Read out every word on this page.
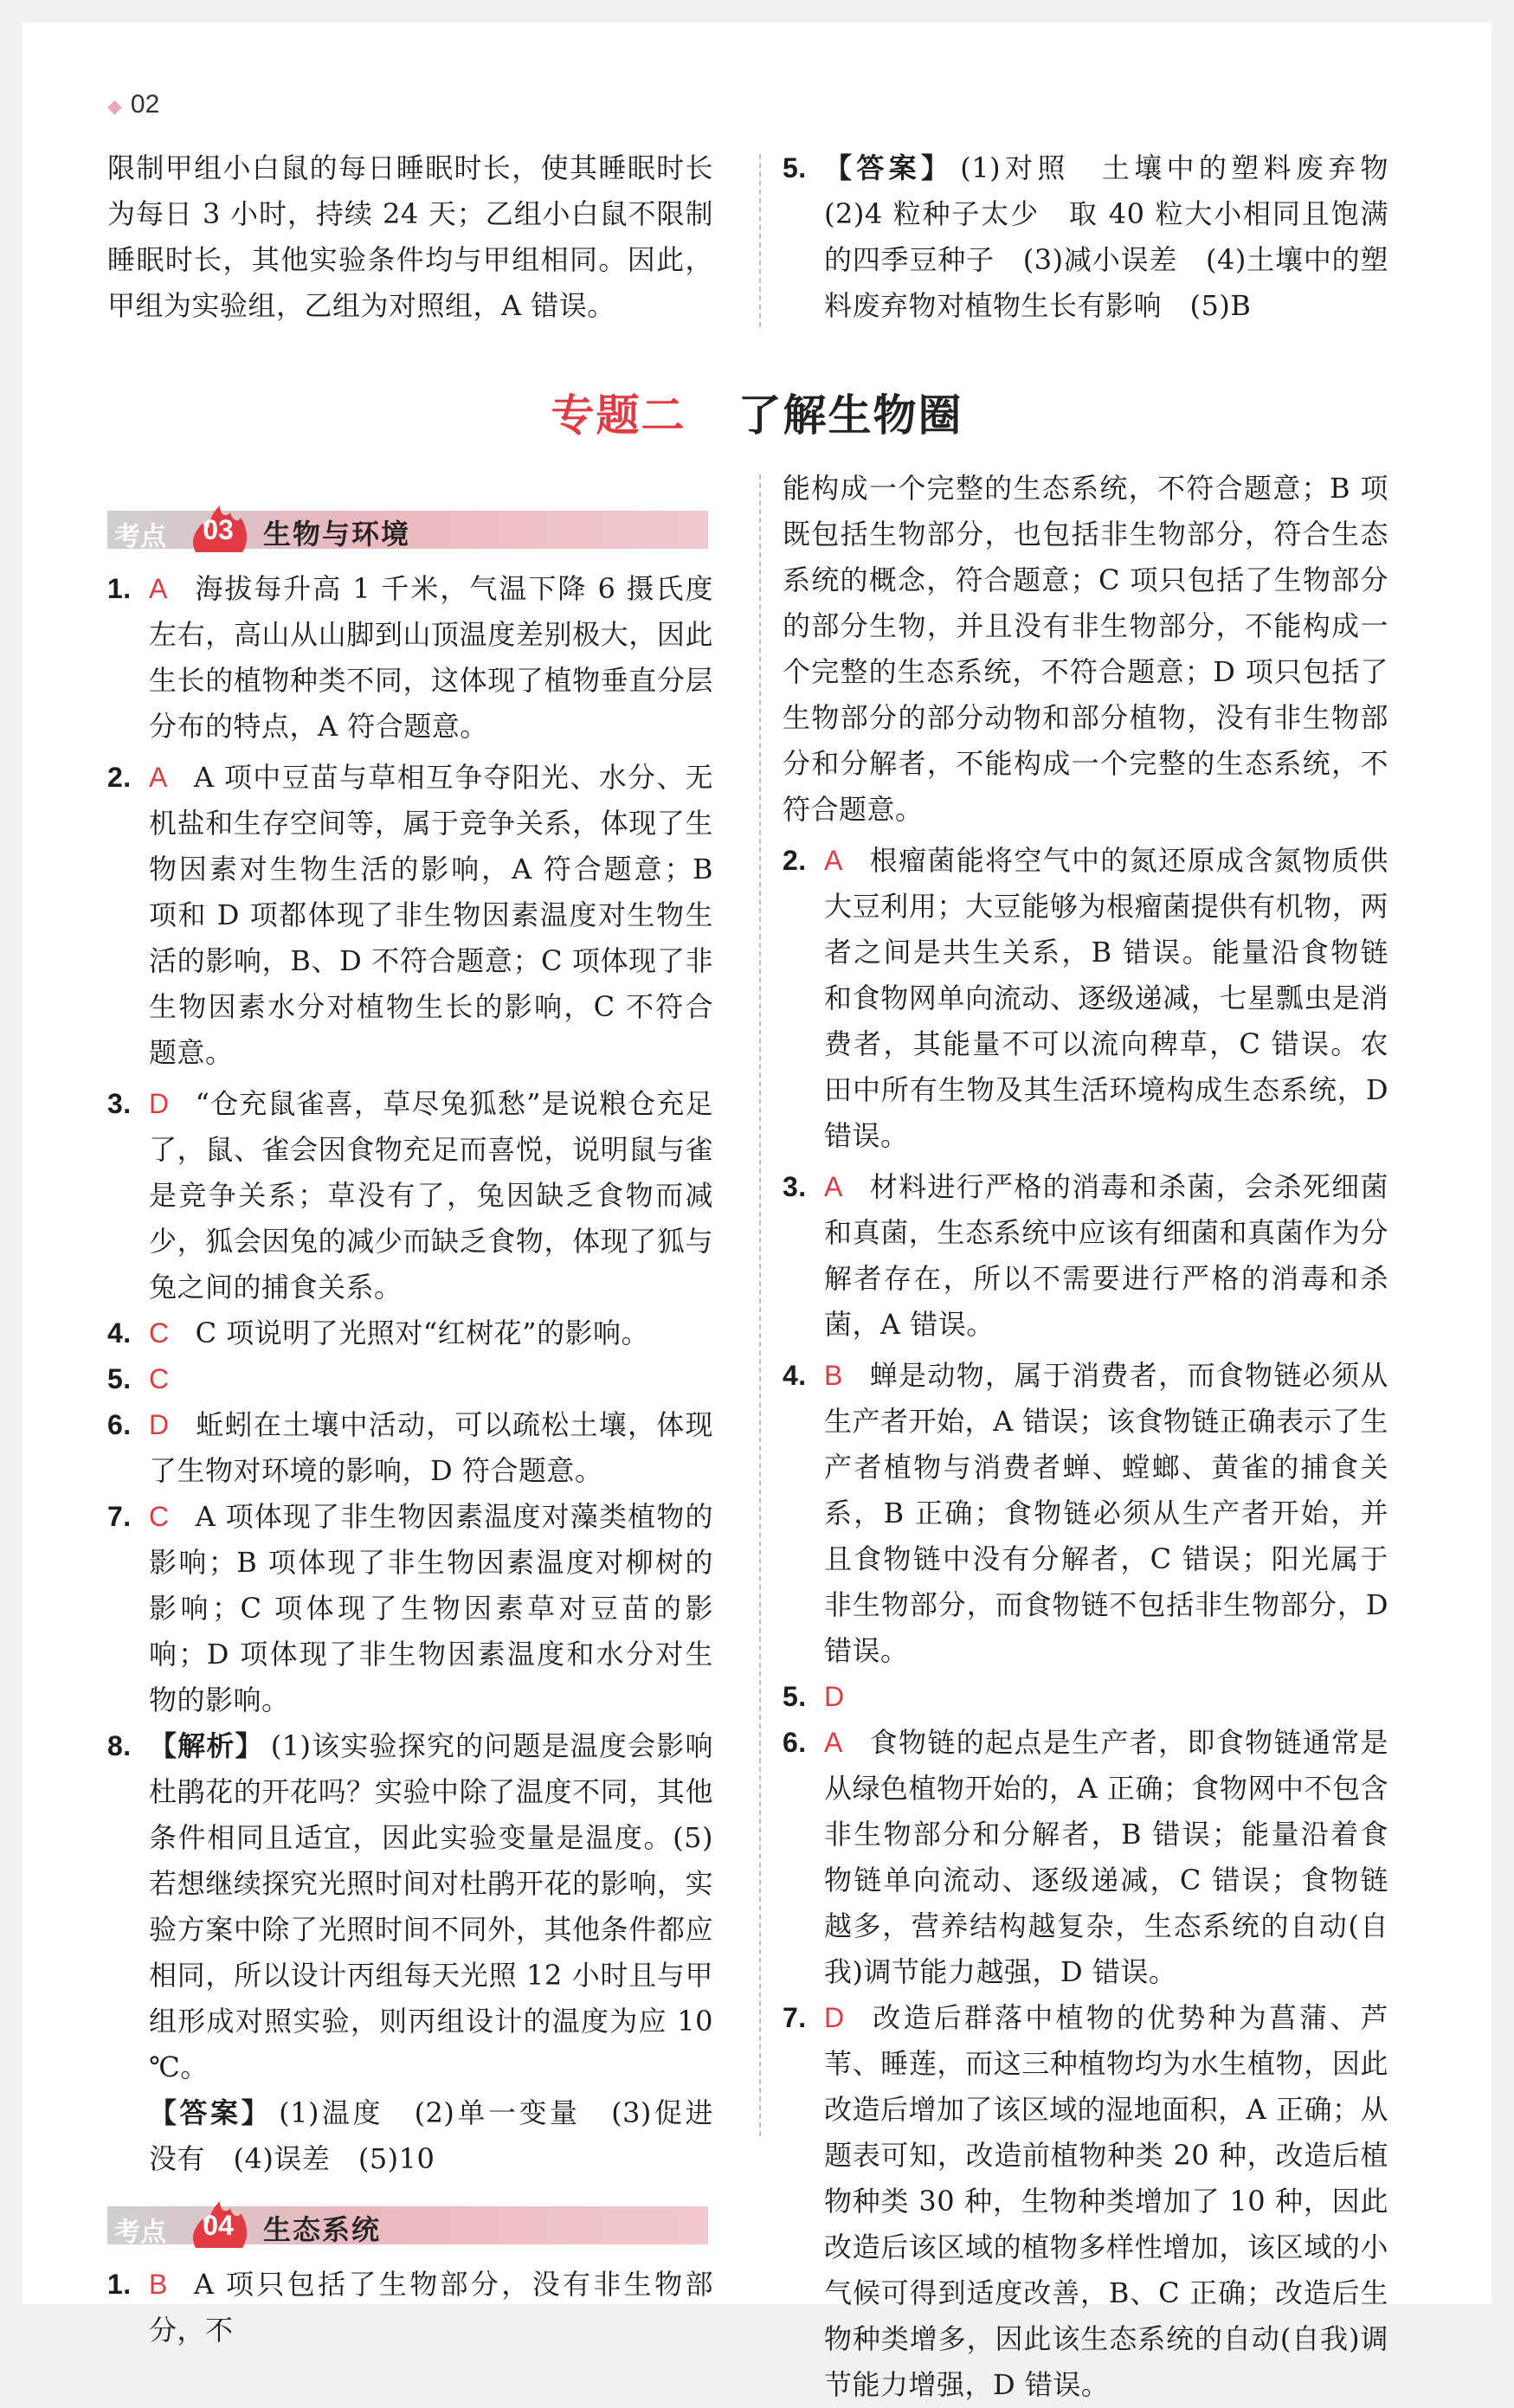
◆ 02

限制甲组小白鼠的每日睡眠时长，使其睡眠时长为每日 3 小时，持续 24 天；乙组小白鼠不限制睡眠时长，其他实验条件均与甲组相同。因此，甲组为实验组，乙组为对照组，A 错误。

5. 【答案】 (1)对照　土壤中的塑料废弃物　(2)4 粒种子太少　取 40 粒大小相同且饱满的四季豆种子　(3)减小误差　(4)土壤中的塑料废弃物对植物生长有影响　(5)B
专题二 了解生物圈
考点	03	生物与环境
1. A 海拔每升高 1 千米，气温下降 6 摄氏度左右，高山从山脚到山顶温度差别极大，因此生长的植物种类不同，这体现了植物垂直分层分布的特点，A 符合题意。
2. A A 项中豆苗与草相互争夺阳光、水分、无机盐和生存空间等，属于竞争关系，体现了生物因素对生物生活的影响，A 符合题意；B 项和 D 项都体现了非生物因素温度对生物生活的影响，B、D 不符合题意；C 项体现了非生物因素水分对植物生长的影响，C 不符合题意。
3. D “仓充鼠雀喜，草尽兔狐愁”是说粮仓充足了，鼠、雀会因食物充足而喜悦，说明鼠与雀是竞争关系；草没有了，兔因缺乏食物而减少，狐会因兔的减少而缺乏食物，体现了狐与兔之间的捕食关系。
4. C C 项说明了光照对“红树花”的影响。
5. C
6. D 蚯蚓在土壤中活动，可以疏松土壤，体现了生物对环境的影响，D 符合题意。
7. C A 项体现了非生物因素温度对藻类植物的影响；B 项体现了非生物因素温度对柳树的影响；C 项体现了生物因素草对豆苗的影响；D 项体现了非生物因素温度和水分对生物的影响。
8. 【解析】 (1)该实验探究的问题是温度会影响杜鹃花的开花吗？实验中除了温度不同，其他条件相同且适宜，因此实验变量是温度。(5)若想继续探究光照时间对杜鹃开花的影响，实验方案中除了光照时间不同外，其他条件都应相同，所以设计丙组每天光照 12 小时且与甲组形成对照实验，则丙组设计的温度为应 10 ℃。
【答案】 (1)温度　(2)单一变量　(3)促进　没有　(4)误差　(5)10
考点	04	生态系统
1. B A 项只包括了生物部分，没有非生物部分，不

能构成一个完整的生态系统，不符合题意；B 项既包括生物部分，也包括非生物部分，符合生态系统的概念，符合题意；C 项只包括了生物部分的部分生物，并且没有非生物部分，不能构成一个完整的生态系统，不符合题意；D 项只包括了生物部分的部分动物和部分植物，没有非生物部分和分解者，不能构成一个完整的生态系统，不符合题意。

2. A 根瘤菌能将空气中的氮还原成含氮物质供大豆利用；大豆能够为根瘤菌提供有机物，两者之间是共生关系，B 错误。能量沿食物链和食物网单向流动、逐级递减，七星瓢虫是消费者，其能量不可以流向稗草，C 错误。农田中所有生物及其生活环境构成生态系统，D 错误。
3. A 材料进行严格的消毒和杀菌，会杀死细菌和真菌，生态系统中应该有细菌和真菌作为分解者存在，所以不需要进行严格的消毒和杀菌，A 错误。
4. B 蝉是动物，属于消费者，而食物链必须从生产者开始，A 错误；该食物链正确表示了生产者植物与消费者蝉、螳螂、黄雀的捕食关系，B 正确；食物链必须从生产者开始，并且食物链中没有分解者，C 错误；阳光属于非生物部分，而食物链不包括非生物部分，D 错误。
5. D
6. A 食物链的起点是生产者，即食物链通常是从绿色植物开始的，A 正确；食物网中不包含非生物部分和分解者，B 错误；能量沿着食物链单向流动、逐级递减，C 错误；食物链越多，营养结构越复杂，生态系统的自动(自我)调节能力越强，D 错误。
7. D 改造后群落中植物的优势种为菖蒲、芦苇、睡莲，而这三种植物均为水生植物，因此改造后增加了该区域的湿地面积，A 正确；从题表可知，改造前植物种类 20 种，改造后植物种类 30 种，生物种类增加了 10 种，因此改造后该区域的植物多样性增加，该区域的小气候可得到适度改善，B、C 正确；改造后生物种类增多，因此该生态系统的自动(自我)调节能力增强，D 错误。
